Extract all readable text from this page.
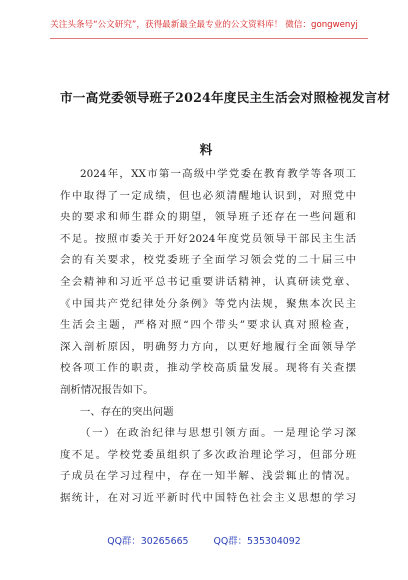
关注头条号“公文研究”，获得最新最全最专业的公文资料库！ 微信：gongwenyj
市一高党委领导班子2024年度民主生活会对照检视发言材
料
2024年，XX市第一高级中学党委在教育教学等各项工
作中取得了一定成绩，但也必须清醒地认识到，对照党中
央的要求和师生群众的期望，领导班子还存在一些问题和
不足。按照市委关于开好2024年度党员领导干部民主生活
会的有关要求，校党委班子全面学习领会党的二十届三中
全会精神和习近平总书记重要讲话精神，认真研读党章、
《中国共产党纪律处分条例》等党内法规，聚焦本次民主
生活会主题，严格对照“四个带头”要求认真对照检查，
深入剖析原因，明确努力方向，以更好地履行全面领导学
校各项工作的职责，推动学校高质量发展。现将有关查摆
剖析情况报告如下。
一、存在的突出问题
（一）在政治纪律与思想引领方面。一是理论学习深
度不足。学校党委虽组织了多次政治理论学习，但部分班
子成员在学习过程中，存在一知半解、浅尝辄止的情况。
据统计，在对习近平新时代中国特色社会主义思想的学习
QQ群：30265665	QQ群：535304092
